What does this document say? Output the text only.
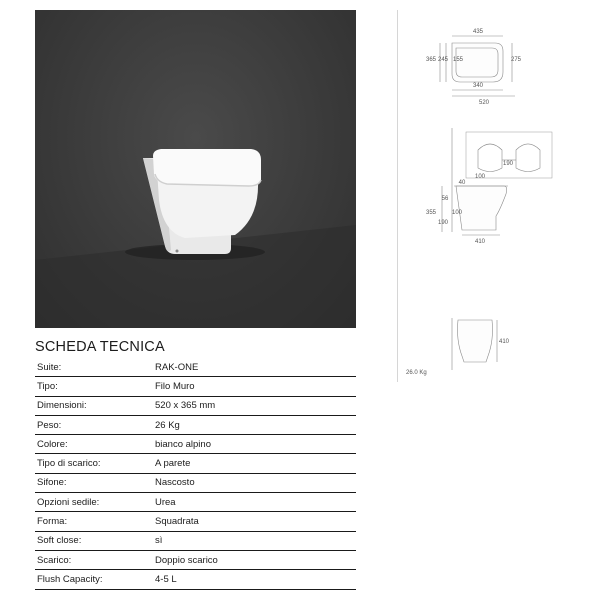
435
365 245 155	275
340
520
40
56
355	100
190
100
190
410
410
26.0 Kg
SCHEDA TECNICA
Suite:	RAK-ONE
Tipo:	Filo Muro
Dimensioni:	520 x 365 mm
Peso:	26 Kg
Colore:	bianco alpino
Tipo di scarico:	A parete
Sifone:	Nascosto
Opzioni sedile:	Urea
Forma:	Squadrata
Soft close:	sì
Scarico:	Doppio scarico
Flush Capacity:	4-5 L
